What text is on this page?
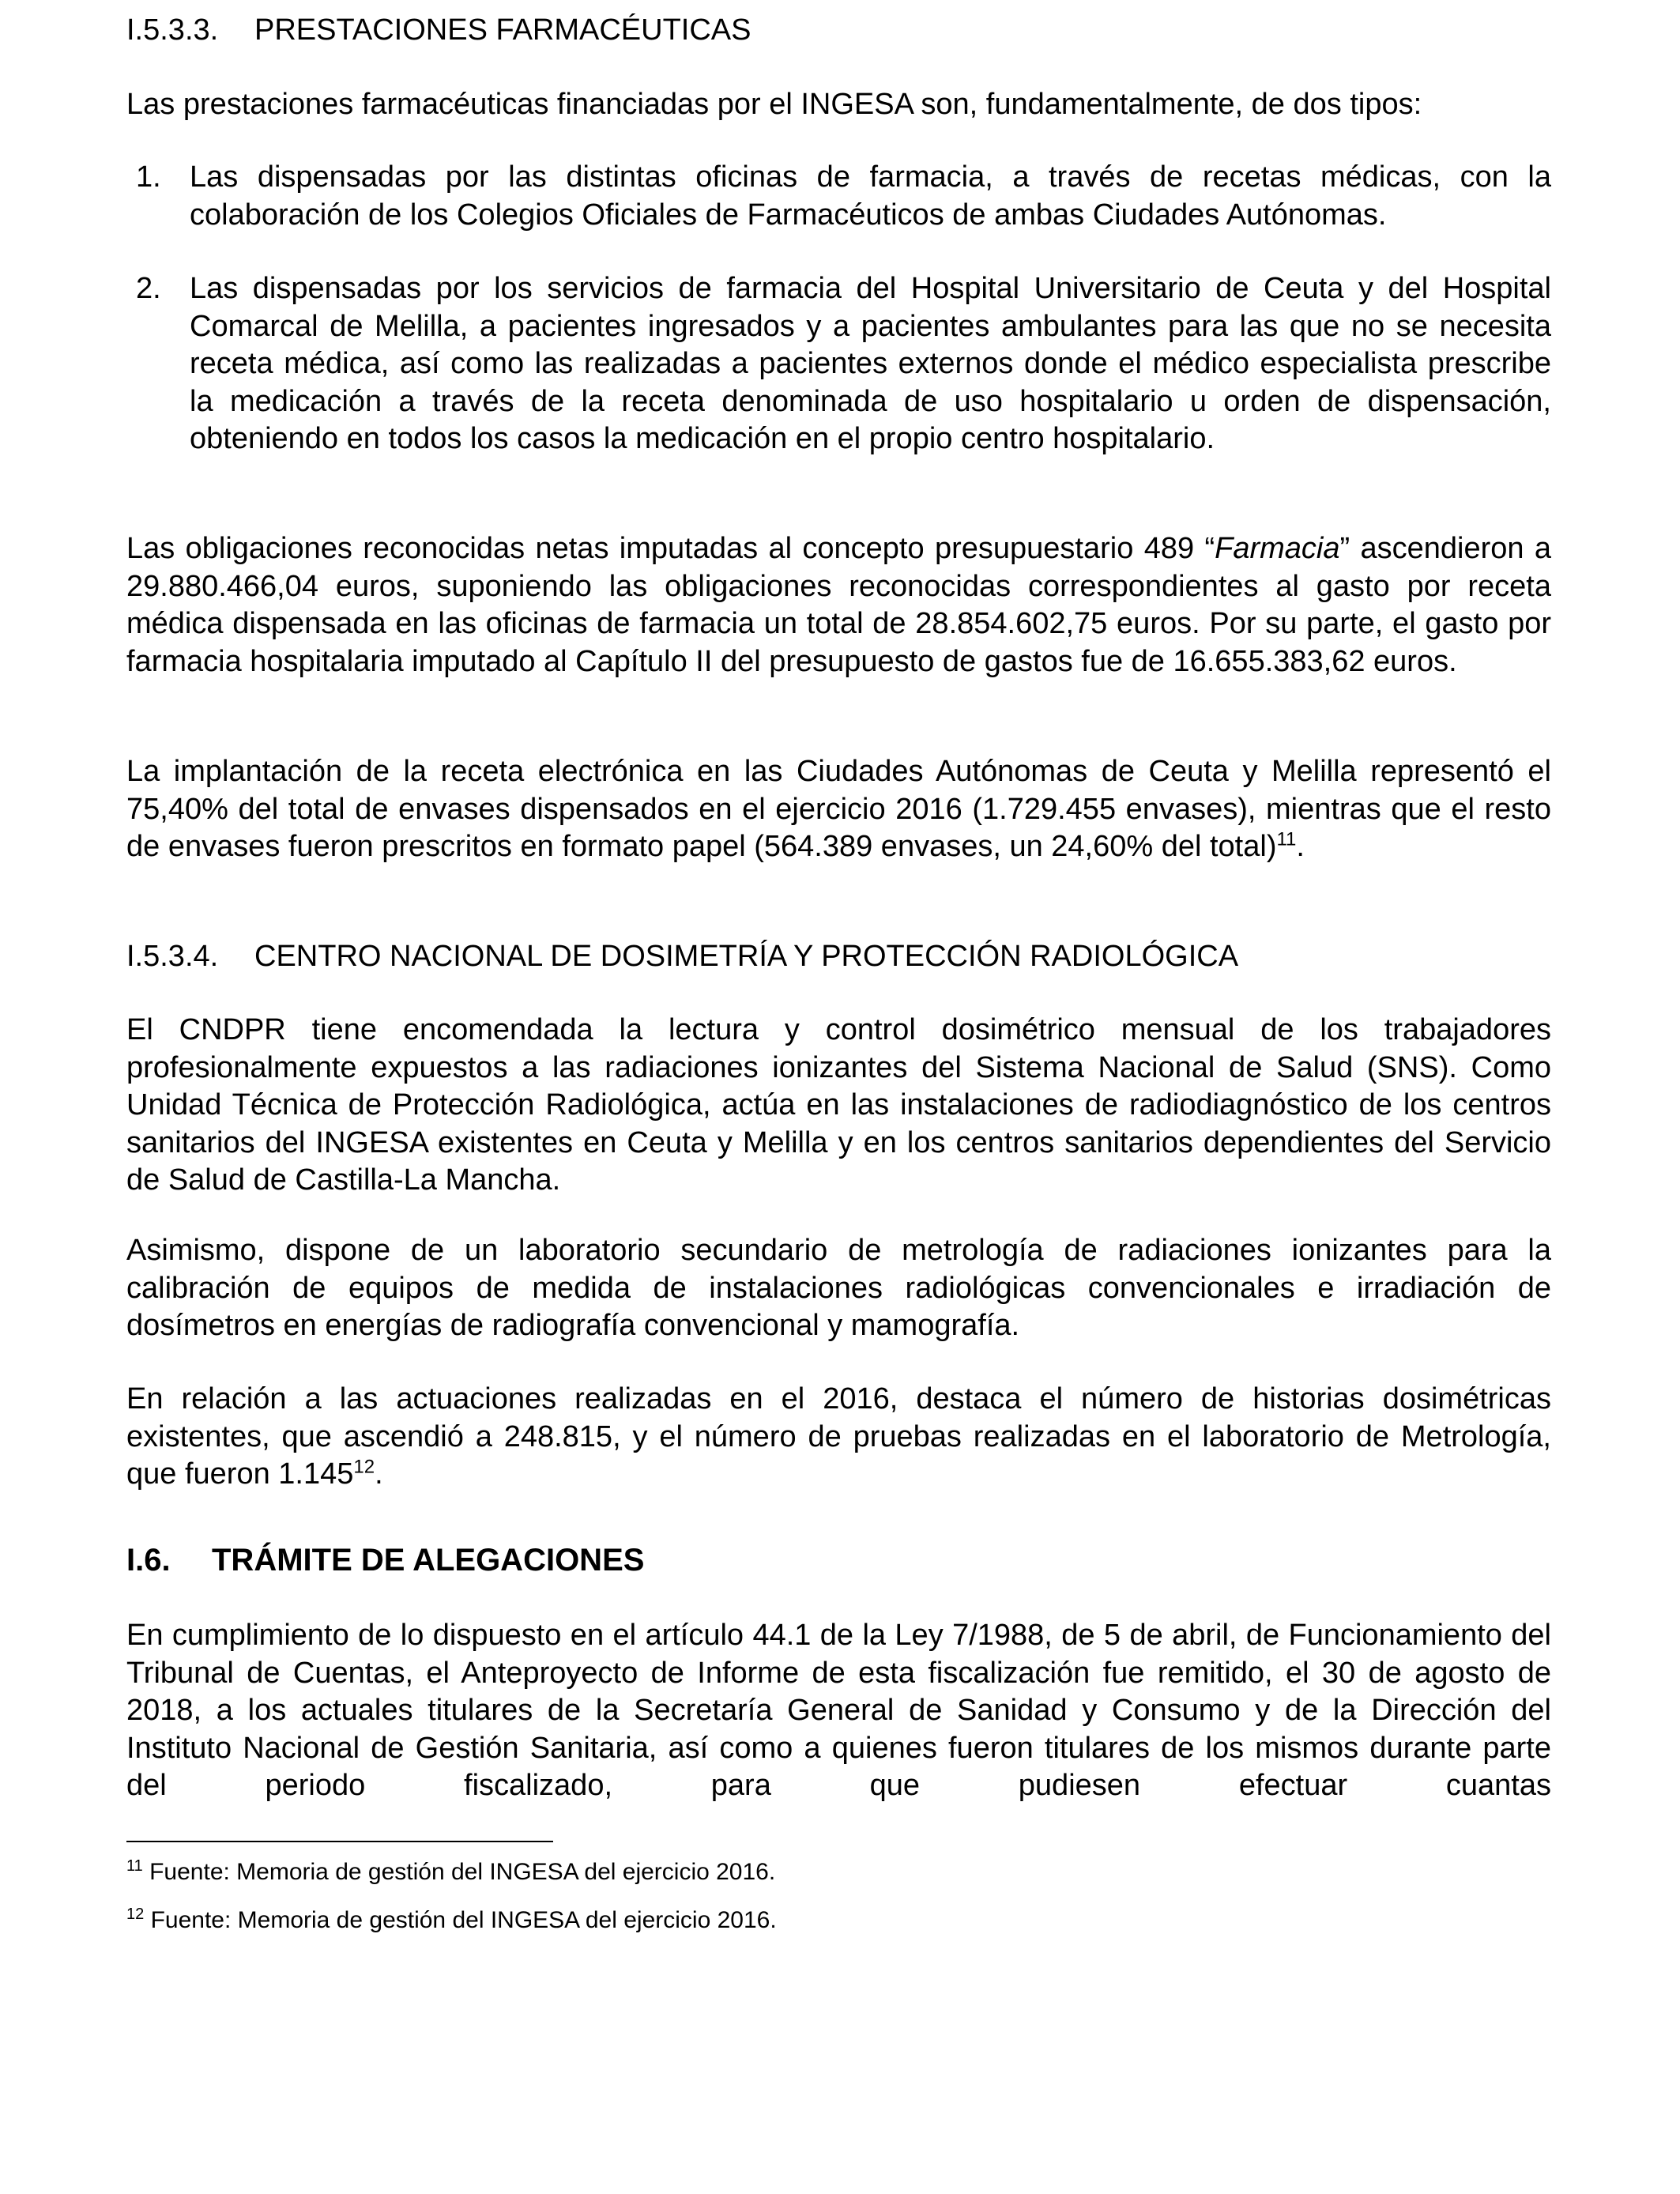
I.5.3.3. PRESTACIONES FARMACÉUTICAS

Las prestaciones farmacéuticas financiadas por el INGESA son, fundamentalmente, de dos tipos:

1. Las dispensadas por las distintas oficinas de farmacia, a través de recetas médicas, con la colaboración de los Colegios Oficiales de Farmacéuticos de ambas Ciudades Autónomas.
2. Las dispensadas por los servicios de farmacia del Hospital Universitario de Ceuta y del Hospital Comarcal de Melilla, a pacientes ingresados y a pacientes ambulantes para las que no se necesita receta médica, así como las realizadas a pacientes externos donde el médico especialista prescribe la medicación a través de la receta denominada de uso hospitalario u orden de dispensación, obteniendo en todos los casos la medicación en el propio centro hospitalario.

Las obligaciones reconocidas netas imputadas al concepto presupuestario 489 “Farmacia” ascendieron a 29.880.466,04 euros, suponiendo las obligaciones reconocidas correspondientes al gasto por receta médica dispensada en las oficinas de farmacia un total de 28.854.602,75 euros. Por su parte, el gasto por farmacia hospitalaria imputado al Capítulo II del presupuesto de gastos fue de 16.655.383,62 euros.

La implantación de la receta electrónica en las Ciudades Autónomas de Ceuta y Melilla representó el 75,40% del total de envases dispensados en el ejercicio 2016 (1.729.455 envases), mientras que el resto de envases fueron prescritos en formato papel (564.389 envases, un 24,60% del total)$^{11}$.

I.5.3.4. CENTRO NACIONAL DE DOSIMETRÍA Y PROTECCIÓN RADIOLÓGICA

El CNDPR tiene encomendada la lectura y control dosimétrico mensual de los trabajadores profesionalmente expuestos a las radiaciones ionizantes del Sistema Nacional de Salud (SNS). Como Unidad Técnica de Protección Radiológica, actúa en las instalaciones de radiodiagnóstico de los centros sanitarios del INGESA existentes en Ceuta y Melilla y en los centros sanitarios dependientes del Servicio de Salud de Castilla-La Mancha.

Asimismo, dispone de un laboratorio secundario de metrología de radiaciones ionizantes para la calibración de equipos de medida de instalaciones radiológicas convencionales e irradiación de dosímetros en energías de radiografía convencional y mamografía.

En relación a las actuaciones realizadas en el 2016, destaca el número de historias dosimétricas existentes, que ascendió a 248.815, y el número de pruebas realizadas en el laboratorio de Metrología, que fueron 1.145$^{12}$.

I.6. TRÁMITE DE ALEGACIONES

En cumplimiento de lo dispuesto en el artículo 44.1 de la Ley 7/1988, de 5 de abril, de Funcionamiento del Tribunal de Cuentas, el Anteproyecto de Informe de esta fiscalización fue remitido, el 30 de agosto de 2018, a los actuales titulares de la Secretaría General de Sanidad y Consumo y de la Dirección del Instituto Nacional de Gestión Sanitaria, así como a quienes fueron titulares de los mismos durante parte del periodo fiscalizado, para que pudiesen efectuar cuantas

$^{11}$ Fuente: Memoria de gestión del INGESA del ejercicio 2016.
$^{12}$ Fuente: Memoria de gestión del INGESA del ejercicio 2016.
